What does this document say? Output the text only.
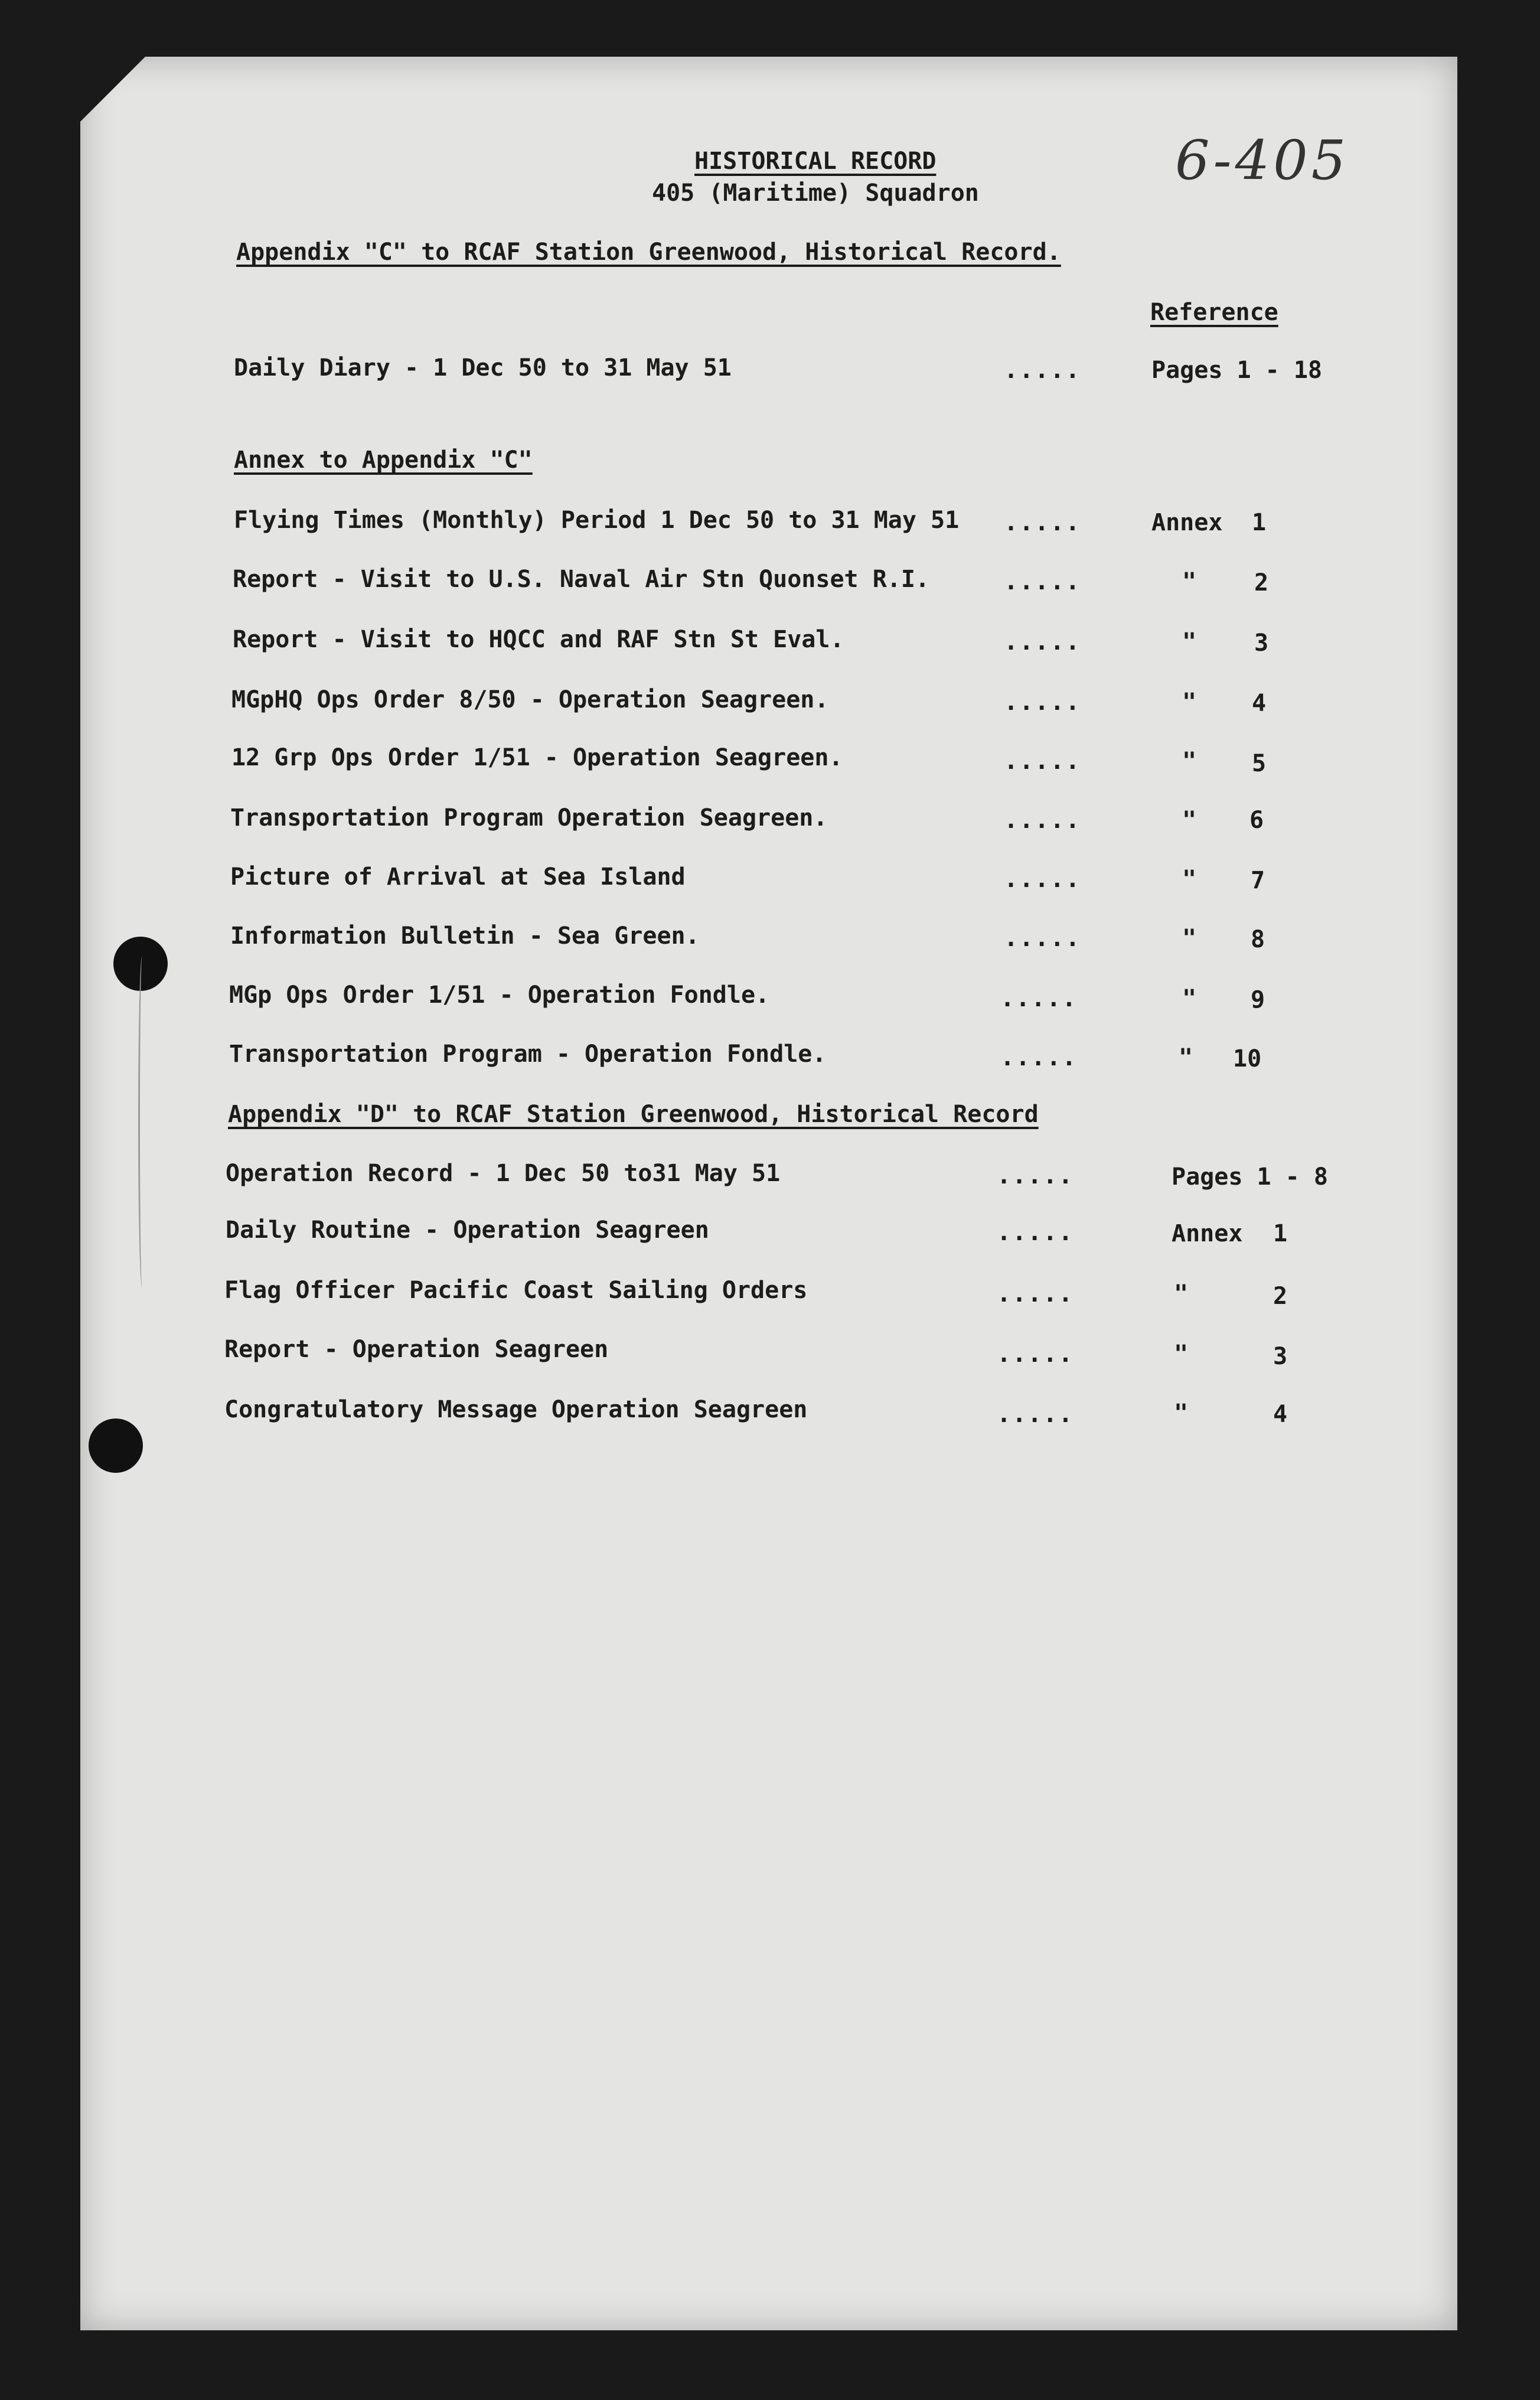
6-405
HISTORICAL RECORD
405 (Maritime) Squadron
Appendix "C" to RCAF Station Greenwood, Historical Record.
Reference
Daily Diary - 1 Dec 50 to 31 May 51	.....	Pages 1 - 18
Annex to Appendix "C"
Flying Times (Monthly) Period 1 Dec 50 to 31 May 51 .....	Annex 1
Report - Visit to U.S. Naval Air Stn Quonset R.I.	.....	" 2
Report - Visit to HQCC and RAF Stn St Eval.	.....	" 3
MGpHQ Ops Order 8/50 - Operation Seagreen.	.....	" 4
12 Grp Ops Order 1/51 - Operation Seagreen.	.....	" 5
Transportation Program Operation Seagreen.	.....	" 6
Picture of Arrival at Sea Island	.....	" 7
Information Bulletin - Sea Green.	.....	" 8
MGp Ops Order 1/51 - Operation Fondle.	.....	" 9
Transportation Program - Operation Fondle.	.....	" 10
Appendix "D" to RCAF Station Greenwood, Historical Record
Operation Record - 1 Dec 50 to31 May 51	.....	Pages 1 - 8
Daily Routine - Operation Seagreen	.....	Annex 1
Flag Officer Pacific Coast Sailing Orders	.....	"	2
Report - Operation Seagreen	.....	"	3
Congratulatory Message Operation Seagreen	.....	"	4
